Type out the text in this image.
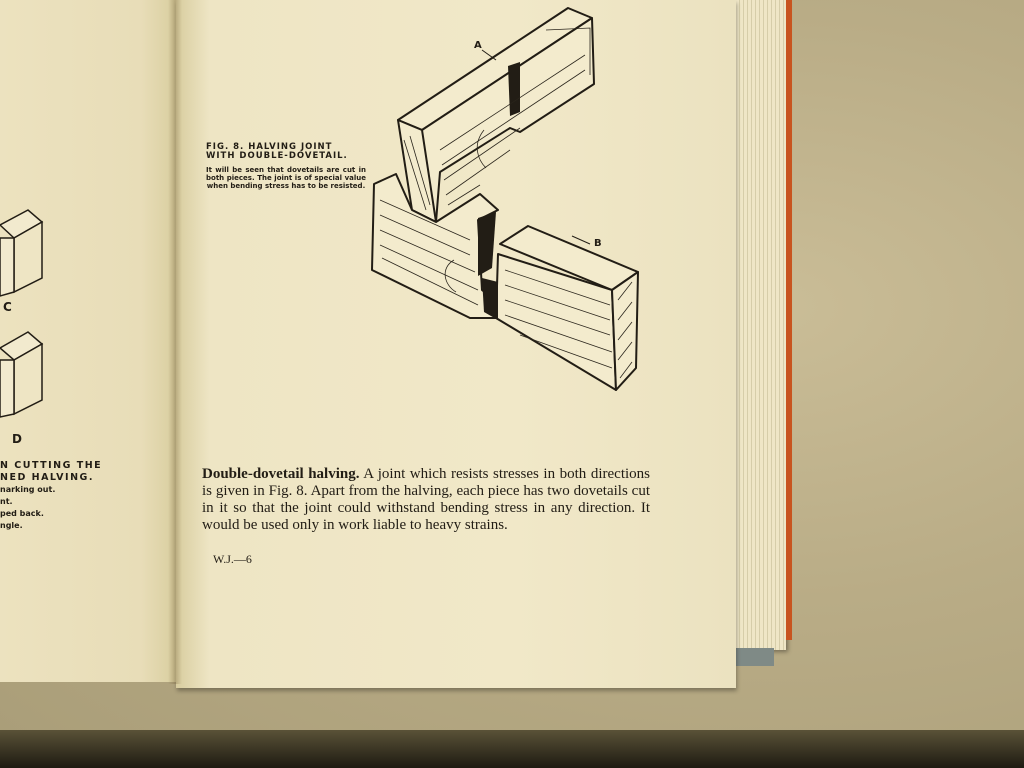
C
D

N CUTTING THE

NED HALVING.

narking out.

nt.

ped back.

ngle.

FIG. 8. HALVING JOINT

WITH DOUBLE-DOVETAIL.

It will be seen that dovetails are cut in both pieces. The joint is of special value when bending stress has to be resisted.
A
B
Double-dovetail halving. A joint which resists stresses in both directions is given in Fig. 8. Apart from the halving, each piece has two dovetails cut in it so that the joint could withstand bending stress in any direction. It would be used only in work liable to heavy strains.
W.J.—6
